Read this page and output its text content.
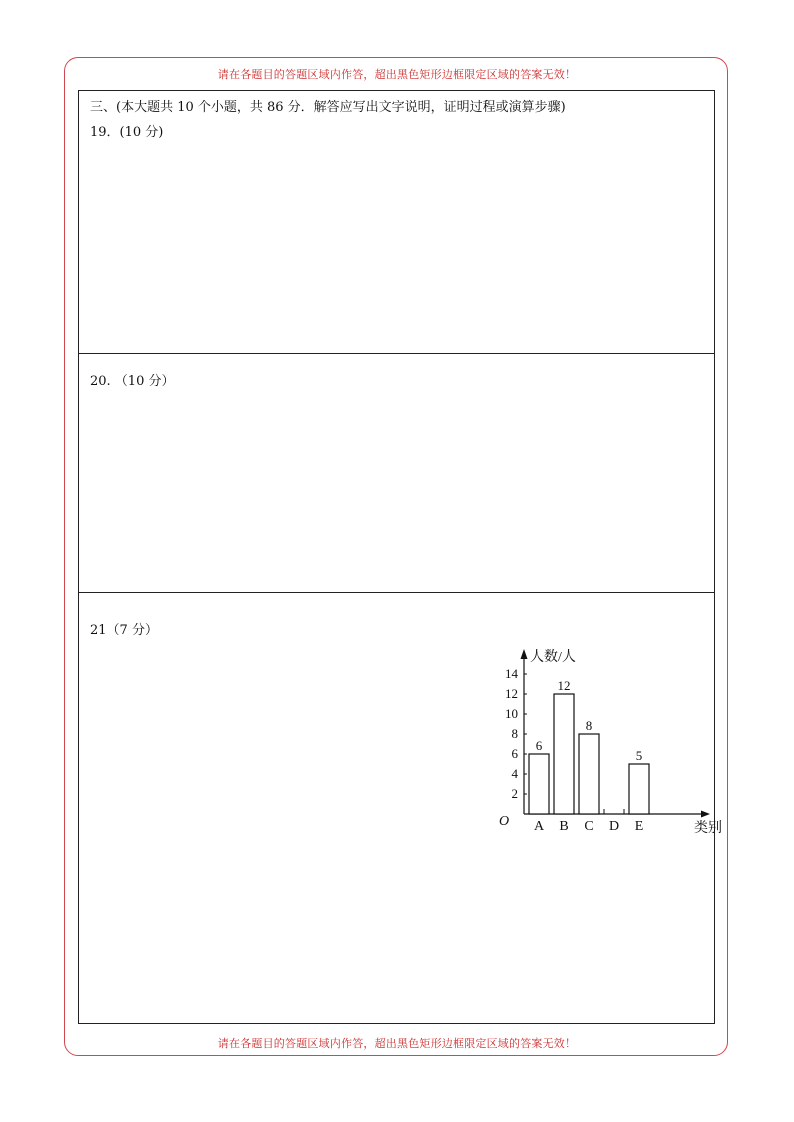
请在各题目的答题区域内作答，超出黑色矩形边框限定区域的答案无效！
三、(本大题共 10 个小题，共 86 分．解答应写出文字说明，证明过程或演算步骤)
19．(10 分)
20. （10 分）
21（7 分）
2
4
6
8
10
12
14
人数/人
类别
O A
6
B
12
C
8
D E
5
请在各题目的答题区域内作答，超出黑色矩形边框限定区域的答案无效！
